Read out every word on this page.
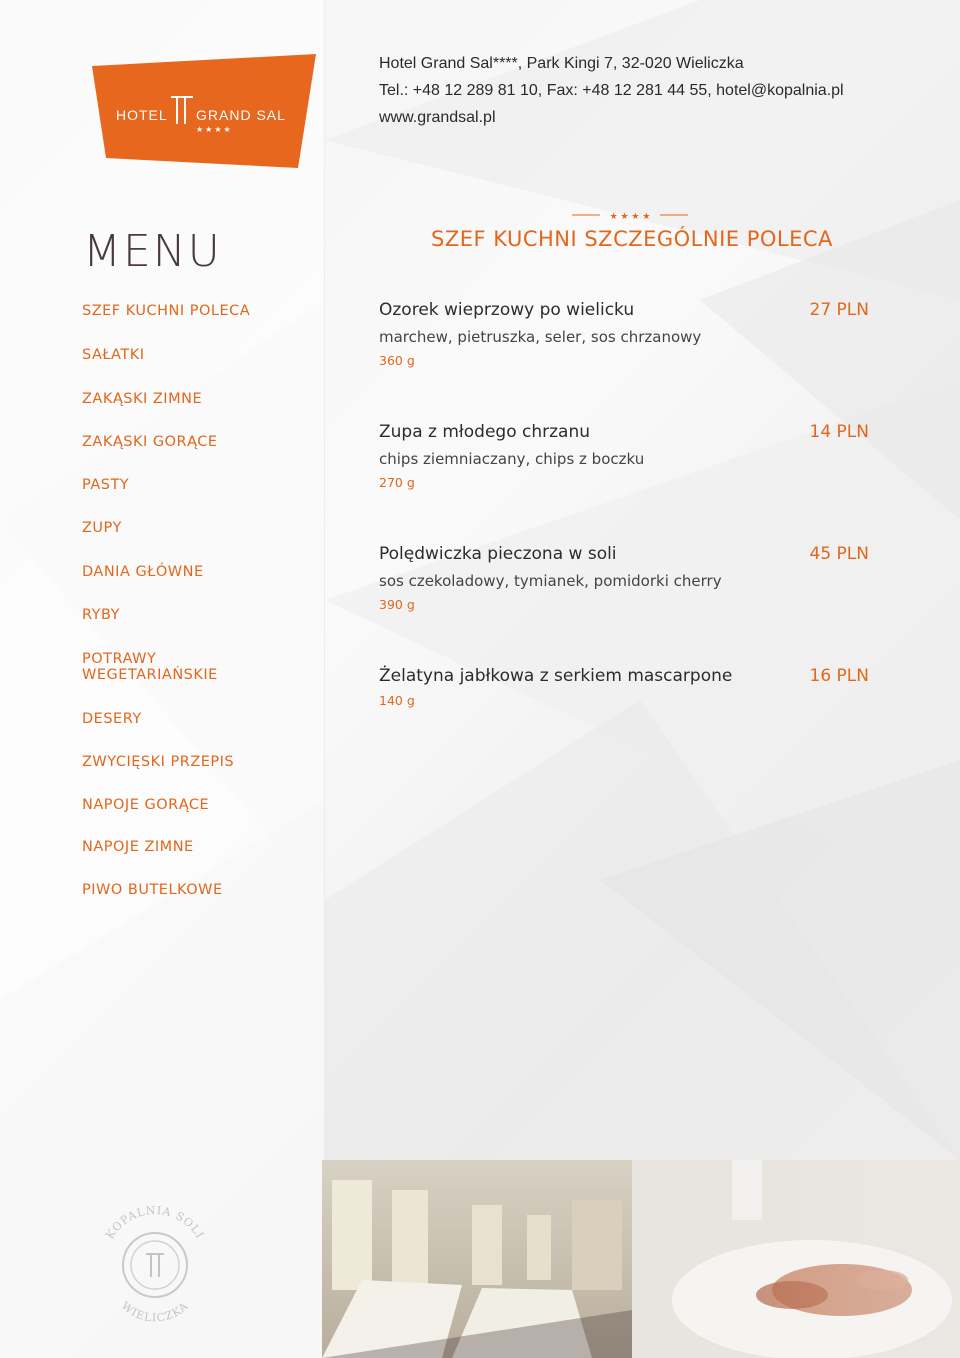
HOTEL GRAND SAL
★★★★
Hotel Grand Sal****, Park Kingi 7, 32-020 Wieliczka
Tel.: +48 12 289 81 10, Fax: +48 12 281 44 55, hotel@kopalnia.pl
www.grandsal.pl
MENU
SZEF KUCHNI POLECA
SAŁATKI
ZAKĄSKI ZIMNE
ZAKĄSKI GORĄCE
PASTY
ZUPY
DANIA GŁÓWNE
RYBY
POTRAWY WEGETARIAŃSKIE
DESERY
ZWYCIĘSKI PRZEPIS
NAPOJE GORĄCE
NAPOJE ZIMNE
PIWO BUTELKOWE
★ ★ ★ ★
SZEF KUCHNI SZCZEGÓLNIE POLECA
Ozorek wieprzowy po wielicku
marchew, pietruszka, seler, sos chrzanowy
360 g
27 PLN
Zupa z młodego chrzanu
chips ziemniaczany, chips z boczku
270 g
14 PLN
Polędwiczka pieczona w soli
sos czekoladowy, tymianek, pomidorki cherry
390 g
45 PLN
Żelatyna jabłkowa z serkiem mascarpone
140 g
16 PLN
KOPALNIA SOLI
WIELICZKA
